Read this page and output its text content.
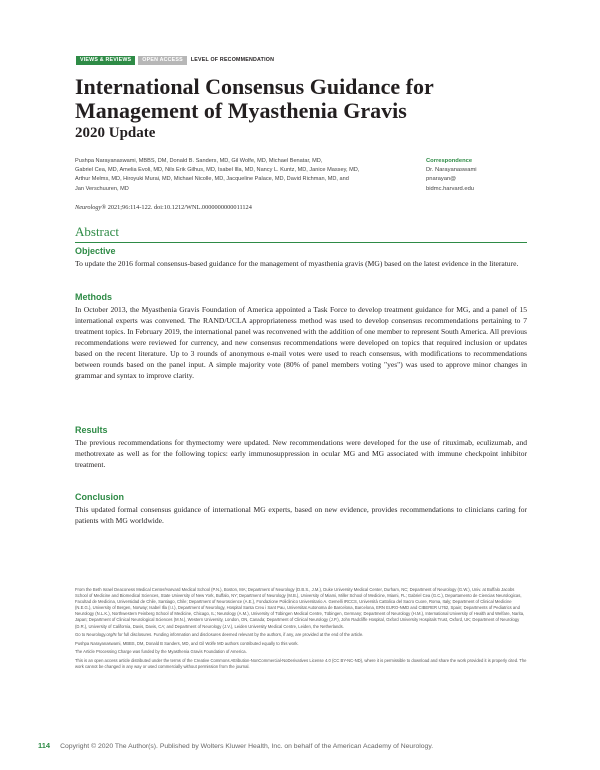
VIEWS & REVIEWS	OPEN ACCESS	LEVEL OF RECOMMENDATION
International Consensus Guidance for Management of Myasthenia Gravis
2020 Update
Pushpa Narayanaswami, MBBS, DM, Donald B. Sanders, MD, Gil Wolfe, MD, Michael Benatar, MD,
Gabriel Cea, MD, Amelia Evoli, MD, Nils Erik Gilhus, MD, Isabel Illa, MD, Nancy L. Kuntz, MD, Janice Massey, MD,
Arthur Melms, MD, Hiroyuki Murai, MD, Michael Nicolle, MD, Jacqueline Palace, MD, David Richman, MD, and
Jan Verschuuren, MD
Neurology® 2021;96:114-122. doi:10.1212/WNL.0000000000011124
Correspondence
Dr. Narayanaswami
pnarayan@
bidmc.harvard.edu
Abstract
Objective

To update the 2016 formal consensus-based guidance for the management of myasthenia gravis (MG) based on the latest evidence in the literature.

Methods

In October 2013, the Myasthenia Gravis Foundation of America appointed a Task Force to develop treatment guidance for MG, and a panel of 15 international experts was convened. The RAND/UCLA appropriateness method was used to develop consensus recommendations pertaining to 7 treatment topics. In February 2019, the international panel was reconvened with the addition of one member to represent South America. All previous recommendations were reviewed for currency, and new consensus recommendations were developed on topics that required inclusion or updates based on the recent literature. Up to 3 rounds of anonymous e-mail votes were used to reach consensus, with modifications to recommendations between rounds based on the panel input. A simple majority vote (80% of panel members voting "yes") was used to approve minor changes in grammar and syntax to improve clarity.

Results

The previous recommendations for thymectomy were updated. New recommendations were developed for the use of rituximab, eculizumab, and methotrexate as well as for the following topics: early immunosuppression in ocular MG and MG associated with immune checkpoint inhibitor treatment.

Conclusion

This updated formal consensus guidance of international MG experts, based on new evidence, provides recommendations to clinicians caring for patients with MG worldwide.

From the Beth Israel Deaconess Medical Center/Harvard Medical School (P.N.), Boston, MA; Department of Neurology (D.B.S., J.M.), Duke University Medical Center, Durham, NC; Department of Neurology (G.W.), Univ. at Buffalo Jacobs School of Medicine and Biomedical Sciences, State University of New York, Buffalo, NY; Department of Neurology (M.B.), University of Miami, Miller School of Medicine, Miami, FL; Gabriel Cea (G.C.), Departamento de Ciencias Neurologicas, Facultad de Medicina, Universidad de Chile, Santiago, Chile; Department of Neuroscience (A.E.), Fondazione Policlinico Universitario A. Gemelli IRCCS, Università Cattolica del Sacro Cuore, Roma, Italy; Department of Clinical Medicine (N.E.G.), University of Bergen, Norway; Isabel Illa (I.I.), Department of Neurology, Hospital Santa Creu i Sant Pau, Universitat Autonoma de Barcelona, Barcelona, ERN EURO-NMD and CIBERER U762, Spain; Departments of Pediatrics and Neurology (N.L.K.), Northwestern Feinberg School of Medicine, Chicago, IL; Neurology (A.M.), University of Tübingen Medical Centre, Tübingen, Germany; Department of Neurology (H.M.), International University of Health and Welfare, Narita, Japan; Department of Clinical Neurological Sciences (M.N.), Western University, London, ON, Canada; Department of Clinical Neurology (J.P.), John Radcliffe Hospital, Oxford University Hospitals Trust, Oxford, UK; Department of Neurology (D.R.), University of California, Davis, Davis, CA; and Department of Neurology (J.V.), Leiden University Medical Centre, Leiden, the Netherlands.

Go to Neurology.org/N for full disclosures. Funding information and disclosures deemed relevant by the authors, if any, are provided at the end of the article.

Pushpa Narayanaswami, MBBS, DM, Donald B Sanders, MD, and Gil Wolfe MD authors contributed equally to this work.

The Article Processing Charge was funded by the Myasthenia Gravis Foundation of America.

This is an open access article distributed under the terms of the Creative Commons Attribution-NonCommercial-NoDerivatives License 4.0 (CC BY-NC-ND), where it is permissible to download and share the work provided it is properly cited. The work cannot be changed in any way or used commercially without permission from the journal.

114 Copyright © 2020 The Author(s). Published by Wolters Kluwer Health, Inc. on behalf of the American Academy of Neurology.
